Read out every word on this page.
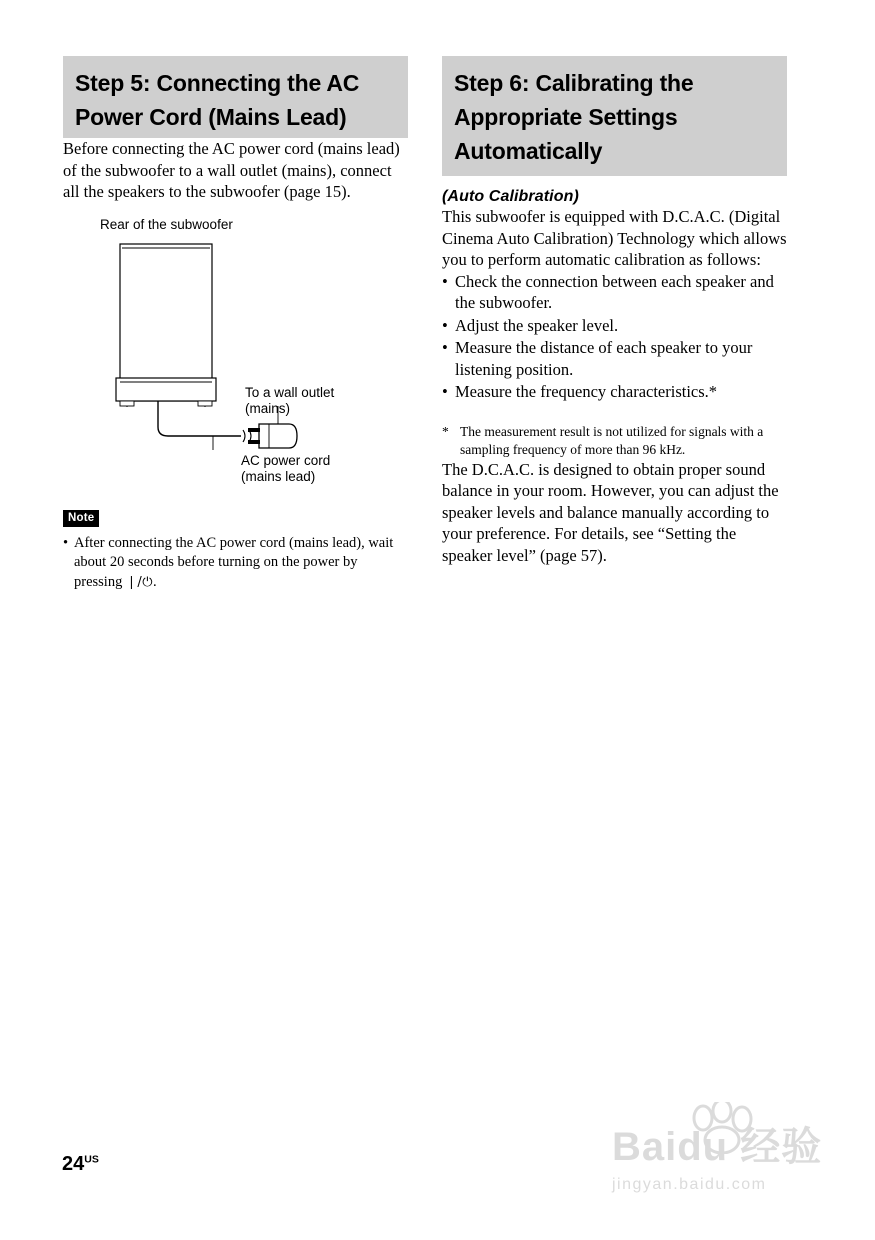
Step 5: Connecting the AC Power Cord (Mains Lead)

Before connecting the AC power cord (mains lead) of the subwoofer to a wall outlet (mains), connect all the speakers to the subwoofer (page 15).

Rear of the subwoofer
To a wall outlet
(mains)
AC power cord
(mains lead)
Note
• After connecting the AC power cord (mains lead), wait about 20 seconds before turning on the power by pressing ❘/⏻.
Step 6: Calibrating the Appropriate Settings Automatically
(Auto Calibration)

This subwoofer is equipped with D.C.A.C. (Digital Cinema Auto Calibration) Technology which allows you to perform automatic calibration as follows:

• Check the connection between each speaker and the subwoofer.
• Adjust the speaker level.
• Measure the distance of each speaker to your listening position.
• Measure the frequency characteristics.*
* The measurement result is not utilized for signals with a sampling frequency of more than 96 kHz.

The D.C.A.C. is designed to obtain proper sound balance in your room. However, you can adjust the speaker levels and balance manually according to your preference. For details, see “Setting the speaker level” (page 57).

$24^{US}$	Baidu 经验
jingyan.baidu.com
